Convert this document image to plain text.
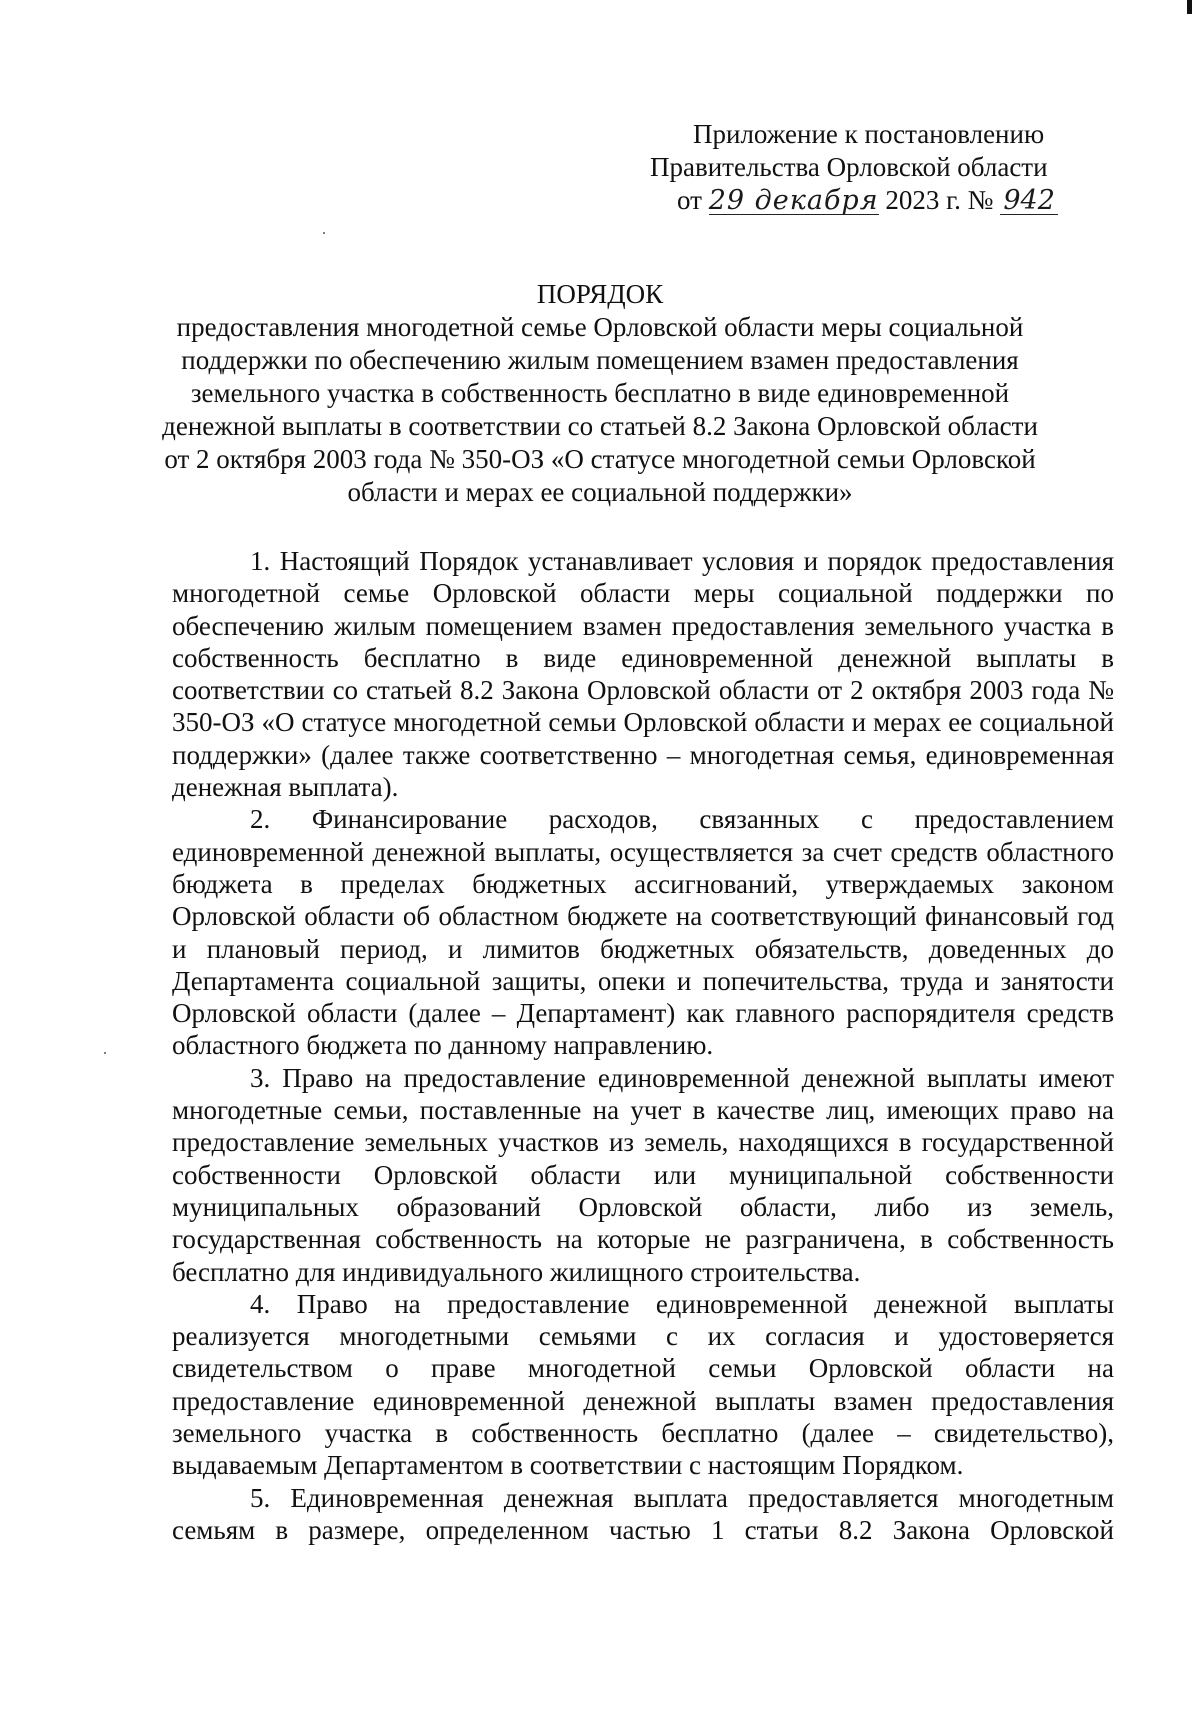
Приложение к постановлению
Правительства Орловской области
от 29 декабря 2023 г. № 942
ПОРЯДОК
предоставления многодетной семье Орловской области меры социальной поддержки по обеспечению жилым помещением взамен предоставления земельного участка в собственность бесплатно в виде единовременной денежной выплаты в соответствии со статьей 8.2 Закона Орловской области от 2 октября 2003 года № 350-ОЗ «О статусе многодетной семьи Орловской области и мерах ее социальной поддержки»

1. Настоящий Порядок устанавливает условия и порядок предоставления многодетной семье Орловской области меры социальной поддержки по обеспечению жилым помещением взамен предоставления земельного участка в собственность бесплатно в виде единовременной денежной выплаты в соответствии со статьей 8.2 Закона Орловской области от 2 октября 2003 года № 350-ОЗ «О статусе многодетной семьи Орловской области и мерах ее социальной поддержки» (далее также соответственно – многодетная семья, единовременная денежная выплата).

2. Финансирование расходов, связанных с предоставлением единовременной денежной выплаты, осуществляется за счет средств областного бюджета в пределах бюджетных ассигнований, утверждаемых законом Орловской области об областном бюджете на соответствующий финансовый год и плановый период, и лимитов бюджетных обязательств, доведенных до Департамента социальной защиты, опеки и попечительства, труда и занятости Орловской области (далее – Департамент) как главного распорядителя средств областного бюджета по данному направлению.

3. Право на предоставление единовременной денежной выплаты имеют многодетные семьи, поставленные на учет в качестве лиц, имеющих право на предоставление земельных участков из земель, находящихся в государственной собственности Орловской области или муниципальной собственности муниципальных образований Орловской области, либо из земель, государственная собственность на которые не разграничена, в собственность бесплатно для индивидуального жилищного строительства.

4. Право на предоставление единовременной денежной выплаты реализуется многодетными семьями с их согласия и удостоверяется свидетельством о праве многодетной семьи Орловской области на предоставление единовременной денежной выплаты взамен предоставления земельного участка в собственность бесплатно (далее – свидетельство), выдаваемым Департаментом в соответствии с настоящим Порядком.

5. Единовременная денежная выплата предоставляется многодетным семьям в размере, определенном частью 1 статьи 8.2 Закона Орловской
